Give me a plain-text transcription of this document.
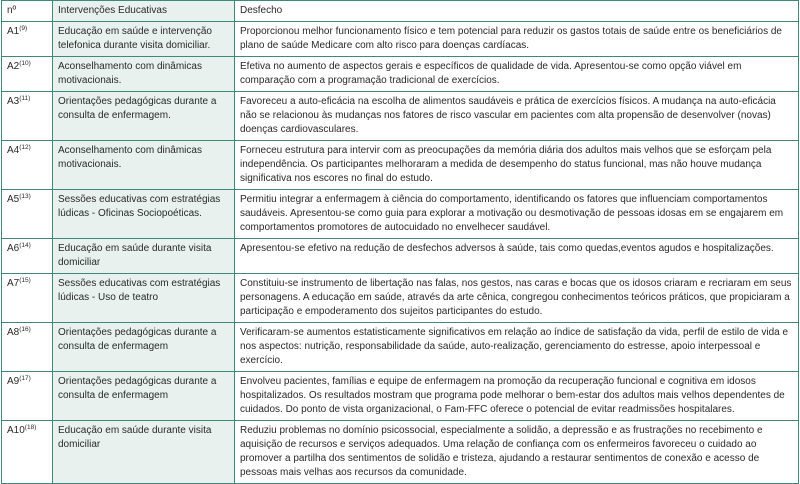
nº	Intervenções Educativas	Desfecho
A1$^{(9)}$	Educação em saúde e intervenção telefonica durante visita domiciliar.	Proporcionou melhor funcionamento físico e tem potencial para reduzir os gastos totais de saúde entre os beneficiários de plano de saúde Medicare com alto risco para doenças cardíacas.
A2$^{(10)}$	Aconselhamento com dinâmicas motivacionais.	Efetiva no aumento de aspectos gerais e específicos de qualidade de vida. Apresentou-se como opção viável em comparação com a programação tradicional de exercícios.
A3$^{(11)}$	Orientações pedagógicas durante a consulta de enfermagem.	Favoreceu a auto-eficácia na escolha de alimentos saudáveis e prática de exercícios físicos. A mudança na auto-eficácia não se relacionou às mudanças nos fatores de risco vascular em pacientes com alta propensão de desenvolver (novas) doenças cardiovasculares.
A4$^{(12)}$	Aconselhamento com dinâmicas motivacionais.	Forneceu estrutura para intervir com as preocupações da memória diária dos adultos mais velhos que se esforçam pela independência. Os participantes melhoraram a medida de desempenho do status funcional, mas não houve mudança significativa nos escores no final do estudo.
A5$^{(13)}$	Sessões educativas com estratégias lúdicas - Oficinas Sociopoéticas.	Permitiu integrar a enfermagem à ciência do comportamento, identificando os fatores que influenciam comportamentos saudáveis. Apresentou-se como guia para explorar a motivação ou desmotivação de pessoas idosas em se engajarem em comportamentos promotores de autocuidado no envelhecer saudável.
A6$^{(14)}$	Educação em saúde durante visita domiciliar	Apresentou-se efetivo na redução de desfechos adversos à saúde, tais como quedas,eventos agudos e hospitalizações.
A7$^{(15)}$	Sessões educativas com estratégias lúdicas - Uso de teatro	Constituiu-se instrumento de libertação nas falas, nos gestos, nas caras e bocas que os idosos criaram e recriaram em seus personagens. A educação em saúde, através da arte cênica, congregou conhecimentos teóricos práticos, que propiciaram a participação e empoderamento dos sujeitos participantes do estudo.
A8$^{(16)}$	Orientações pedagógicas durante a consulta de enfermagem	Verificaram-se aumentos estatisticamente significativos em relação ao índice de satisfação da vida, perfil de estilo de vida e nos aspectos: nutrição, responsabilidade da saúde, auto-realização, gerenciamento do estresse, apoio interpessoal e exercício.
A9$^{(17)}$	Orientações pedagógicas durante a consulta de enfermagem	Envolveu pacientes, famílias e equipe de enfermagem na promoção da recuperação funcional e cognitiva em idosos hospitalizados. Os resultados mostram que programa pode melhorar o bem-estar dos adultos mais velhos dependentes de cuidados. Do ponto de vista organizacional, o Fam-FFC oferece o potencial de evitar readmissões hospitalares.
A10$^{(18)}$	Educação em saúde durante visita domiciliar	Reduziu problemas no domínio psicossocial, especialmente a solidão, a depressão e as frustrações no recebimento e aquisição de recursos e serviços adequados. Uma relação de confiança com os enfermeiros favoreceu o cuidado ao promover a partilha dos sentimentos de solidão e tristeza, ajudando a restaurar sentimentos de conexão e acesso de pessoas mais velhas aos recursos da comunidade.
